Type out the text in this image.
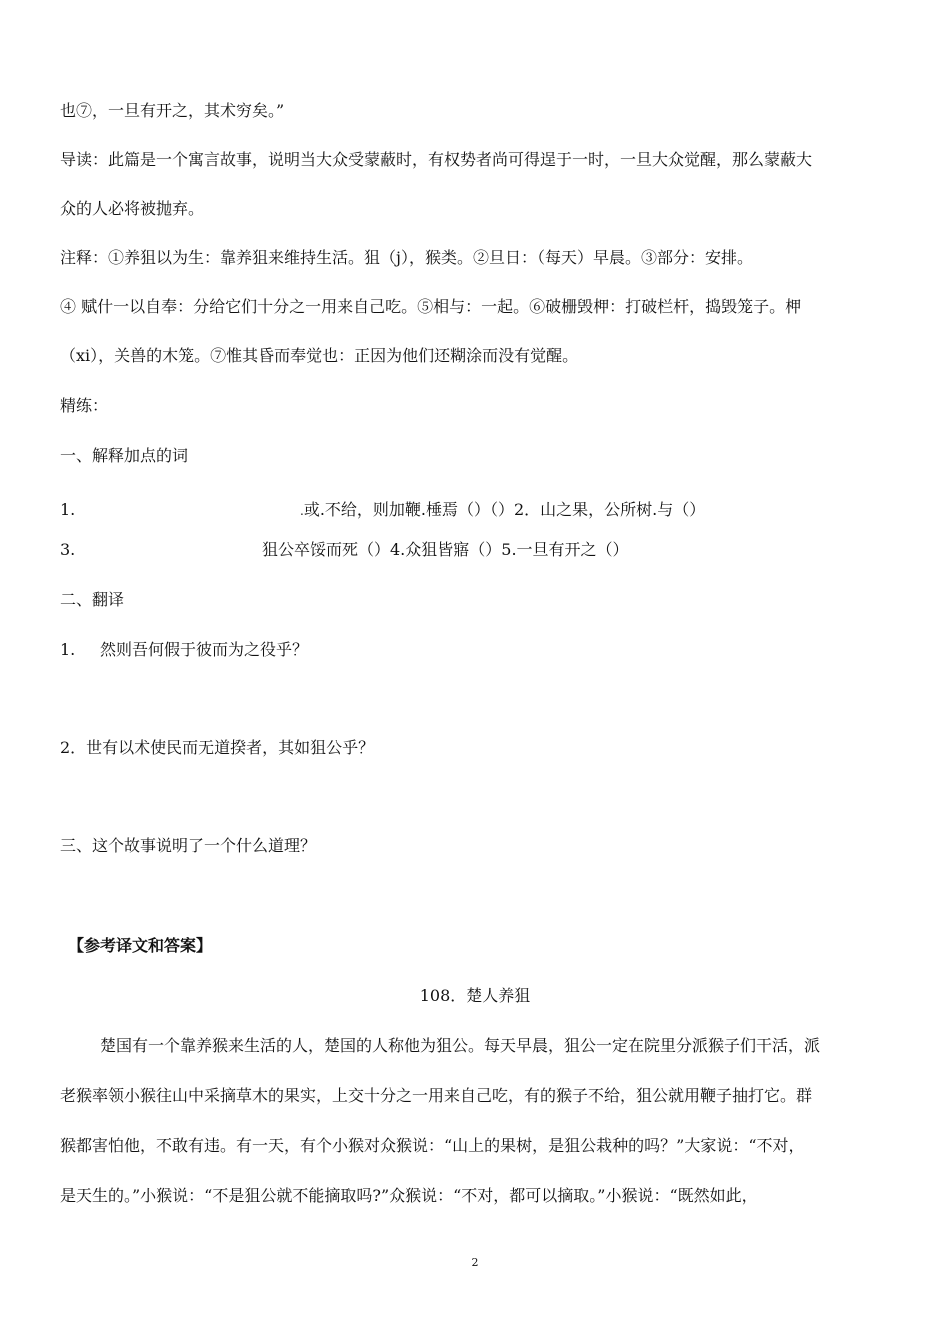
也⑦，一旦有开之，其术穷矣。”
导读：此篇是一个寓言故事，说明当大众受蒙蔽时，有权势者尚可得逞于一时，一旦大众觉醒，那么蒙蔽大
众的人必将被抛弃。
注释：①养狙以为生：靠养狙来维持生活。狙（j），猴类。②旦日：（每天）早晨。③部分：安排。
④ 赋什一以自奉：分给它们十分之一用来自己吃。⑤相与：一起。⑥破栅毁柙：打破栏杆，捣毁笼子。柙
（xi），关兽的木笼。⑦惟其昏而奉觉也：正因为他们还糊涂而没有觉醒。
精练：
一、解释加点的词
1.	.或.不给，则加鞭.棰焉（）（）2．山之果，公所树.与（）
3.	狙公卒馁而死（）4.众狙皆寤（）5.一旦有开之（）
二、翻译
1. 然则吾何假于彼而为之役乎？
2．世有以术使民而无道揆者，其如狙公乎？
三、这个故事说明了一个什么道理？
【参考译文和答案】
108．楚人养狙
楚国有一个靠养猴来生活的人，楚国的人称他为狙公。每天早晨，狙公一定在院里分派猴子们干活，派
老猴率领小猴往山中采摘草木的果实，上交十分之一用来自己吃，有的猴子不给，狙公就用鞭子抽打它。群
猴都害怕他，不敢有违。有一天，有个小猴对众猴说：“山上的果树，是狙公栽种的吗？”大家说：“不对，
是天生的。”小猴说：“不是狙公就不能摘取吗?”众猴说：“不对，都可以摘取。”小猴说：“既然如此，
2
